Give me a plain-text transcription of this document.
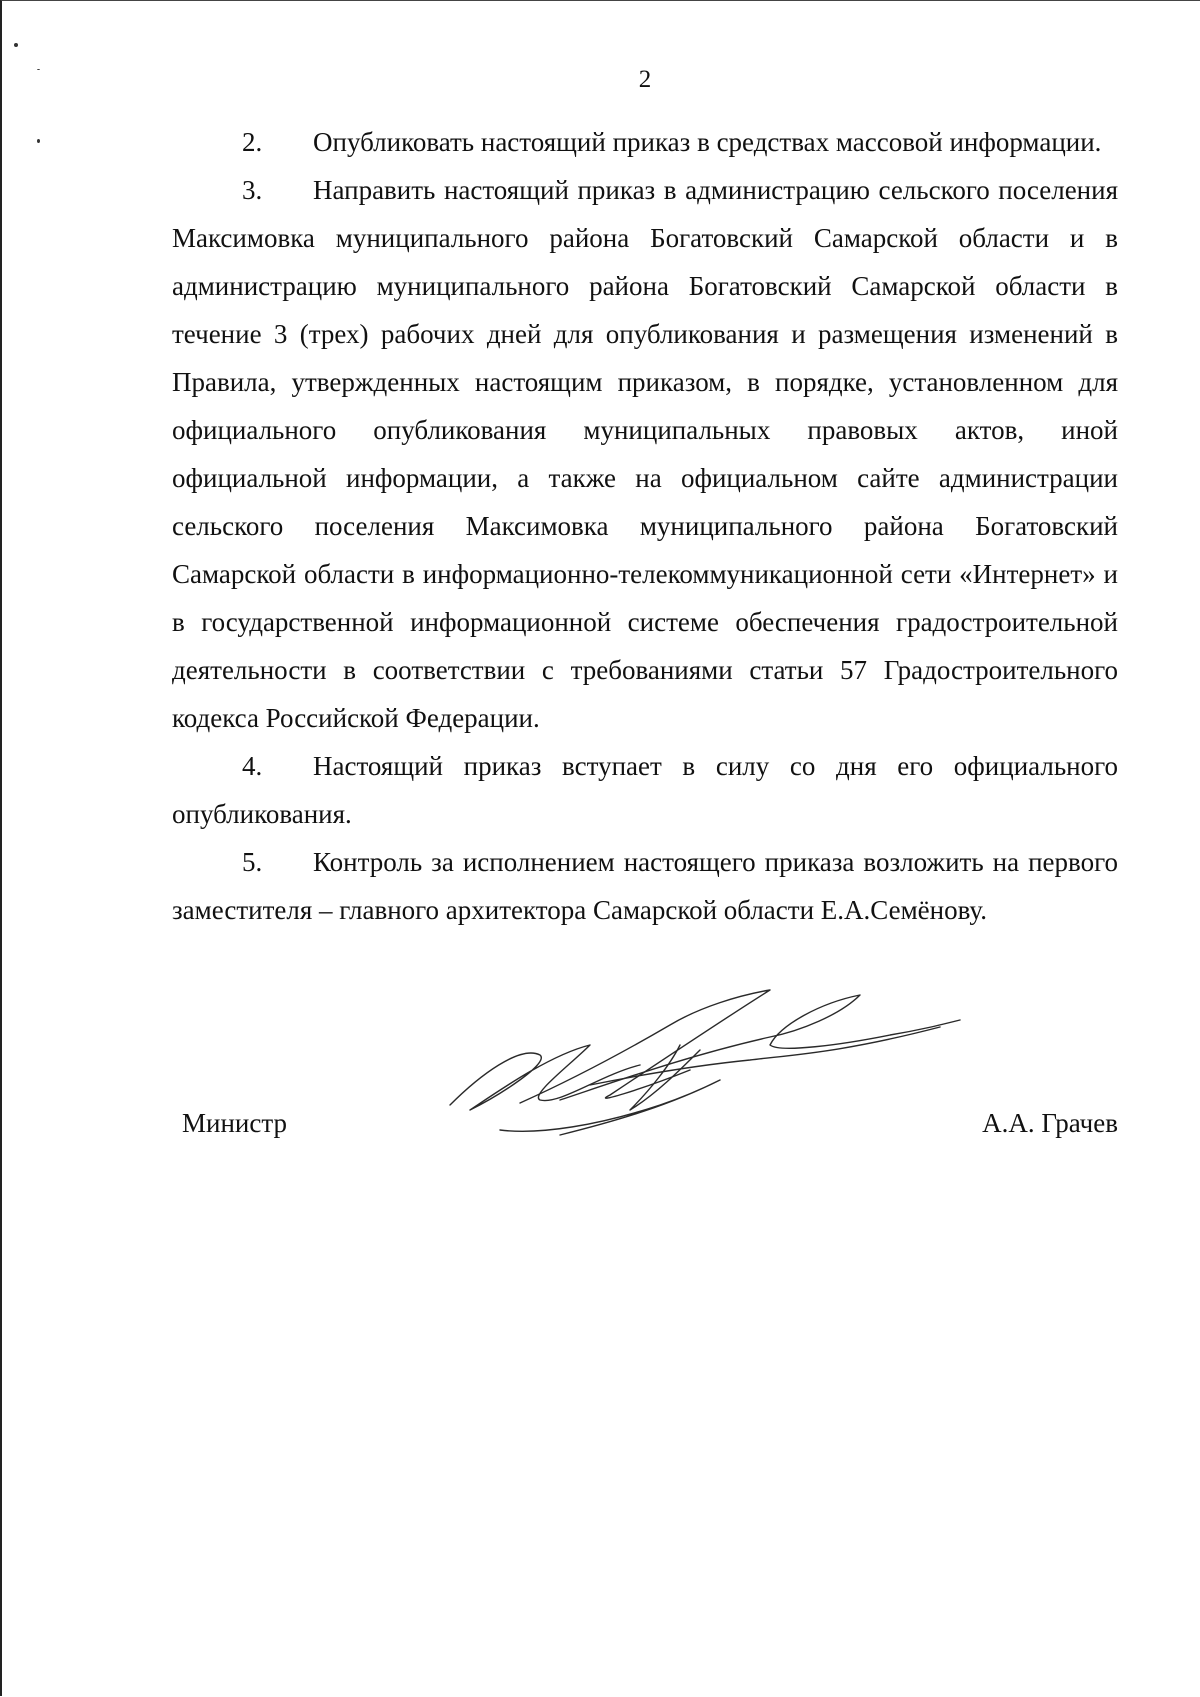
2

2. Опубликовать настоящий приказ в средствах массовой информации.

3. Направить настоящий приказ в администрацию сельского поселения Максимовка муниципального района Богатовский Самарской области и в администрацию муниципального района Богатовский Самарской области в течение 3 (трех) рабочих дней для опубликования и размещения изменений в Правила, утвержденных настоящим приказом, в порядке, установленном для официального опубликования муниципальных правовых актов, иной официальной информации, а также на официальном сайте администрации сельского поселения Максимовка муниципального района Богатовский Самарской области в информационно-телекоммуникационной сети «Интернет» и в государственной информационной системе обеспечения градостроительной деятельности в соответствии с требованиями статьи 57 Градостроительного кодекса Российской Федерации.

4. Настоящий приказ вступает в силу со дня его официального опубликования.

5. Контроль за исполнением настоящего приказа возложить на первого заместителя – главного архитектора Самарской области Е.А.Семёнову.

Министр	А.А. Грачев
